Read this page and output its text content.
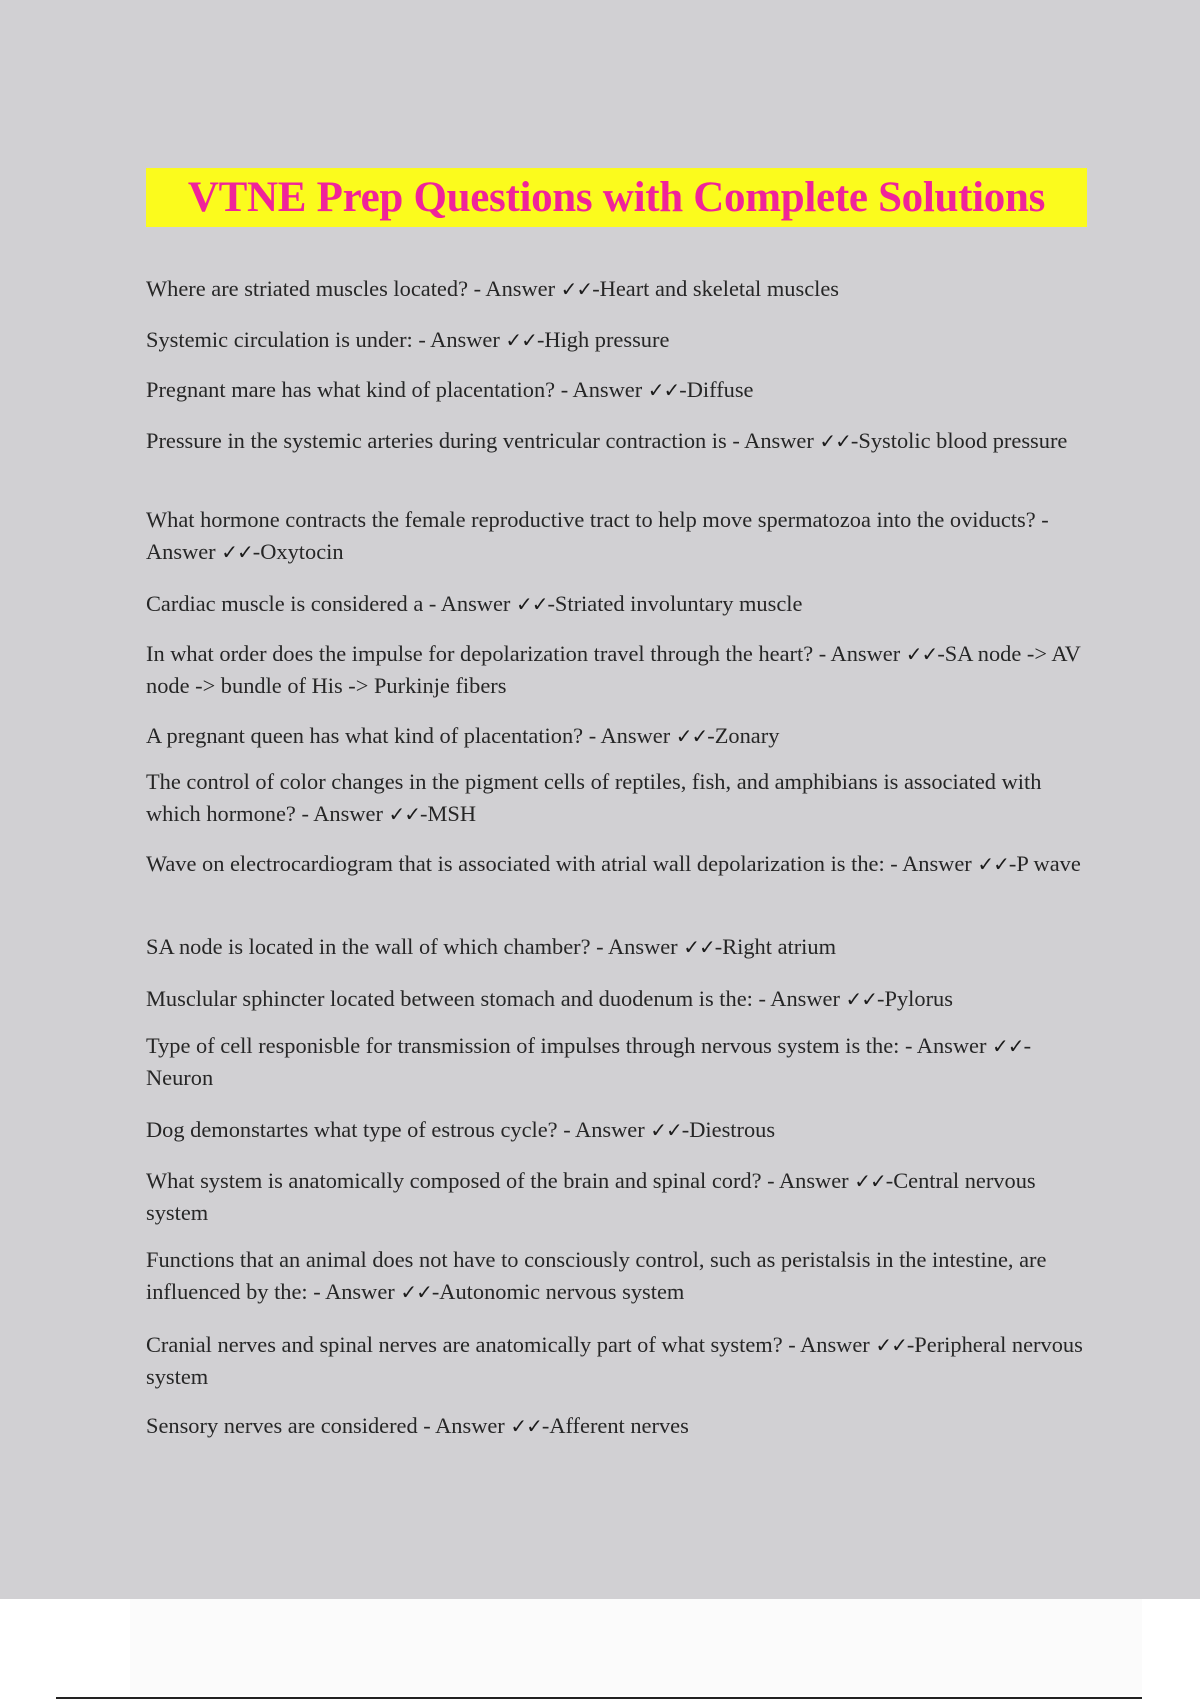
VTNE Prep Questions with Complete Solutions

Where are striated muscles located? - Answer ✓✓-Heart and skeletal muscles

Systemic circulation is under: - Answer ✓✓-High pressure

Pregnant mare has what kind of placentation? - Answer ✓✓-Diffuse

Pressure in the systemic arteries during ventricular contraction is - Answer ✓✓-Systolic blood pressure

What hormone contracts the female reproductive tract to help move spermatozoa into the oviducts? - Answer ✓✓-Oxytocin

Cardiac muscle is considered a - Answer ✓✓-Striated involuntary muscle

In what order does the impulse for depolarization travel through the heart? - Answer ✓✓-SA node -> AV node -> bundle of His -> Purkinje fibers

A pregnant queen has what kind of placentation? - Answer ✓✓-Zonary

The control of color changes in the pigment cells of reptiles, fish, and amphibians is associated with which hormone? - Answer ✓✓-MSH

Wave on electrocardiogram that is associated with atrial wall depolarization is the: - Answer ✓✓-P wave

SA node is located in the wall of which chamber? - Answer ✓✓-Right atrium

Musclular sphincter located between stomach and duodenum is the: - Answer ✓✓-Pylorus

Type of cell responisble for transmission of impulses through nervous system is the: - Answer ✓✓-Neuron

Dog demonstartes what type of estrous cycle? - Answer ✓✓-Diestrous

What system is anatomically composed of the brain and spinal cord? - Answer ✓✓-Central nervous system

Functions that an animal does not have to consciously control, such as peristalsis in the intestine, are influenced by the: - Answer ✓✓-Autonomic nervous system

Cranial nerves and spinal nerves are anatomically part of what system? - Answer ✓✓-Peripheral nervous system

Sensory nerves are considered - Answer ✓✓-Afferent nerves
